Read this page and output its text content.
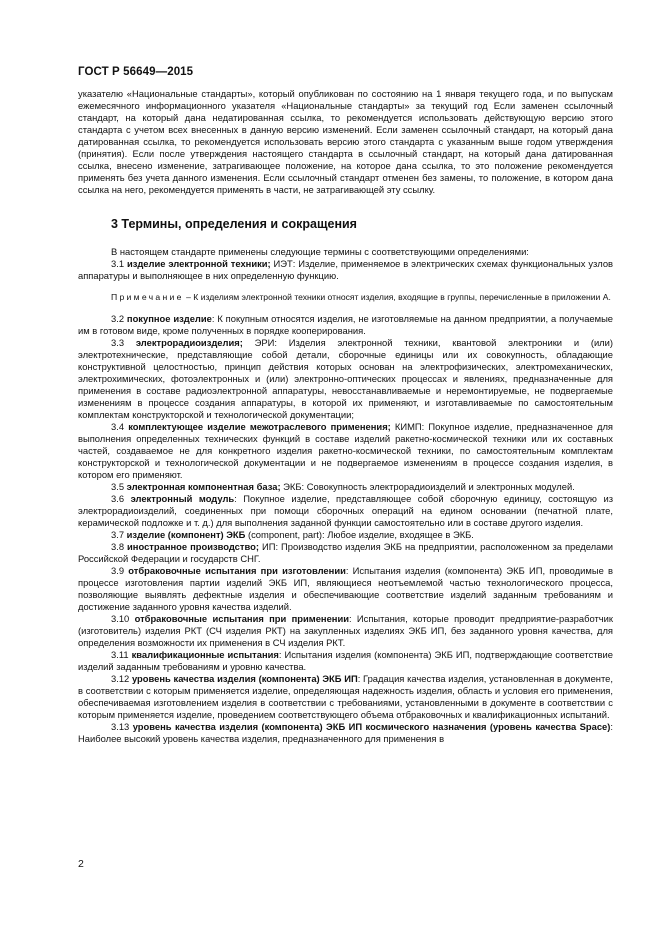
ГОСТ Р 56649—2015

указателю «Национальные стандарты», который опубликован по состоянию на 1 января текущего года, и по выпускам ежемесячного информационного указателя «Национальные стандарты» за текущий год Если заменен ссылочный стандарт, на который дана недатированная ссылка, то рекомендуется использовать действующую версию этого стандарта с учетом всех внесенных в данную версию изменений. Если заменен ссылочный стандарт, на который дана датированная ссылка, то рекомендуется использовать версию этого стандарта с указанным выше годом утверждения (принятия). Если после утверждения настоящего стандарта в ссылочный стандарт, на который дана датированная ссылка, внесено изменение, затрагивающее положение, на которое дана ссылка, то это положение рекомендуется применять без учета данного изменения. Если ссылочный стандарт отменен без замены, то положение, в котором дана ссылка на него, рекомендуется применять в части, не затрагивающей эту ссылку.

3 Термины, определения и сокращения

В настоящем стандарте применены следующие термины с соответствующими определениями:

3.1 изделие электронной техники; ИЭТ: Изделие, применяемое в электрических схемах функциональных узлов аппаратуры и выполняющее в них определенную функцию.

Примечание – К изделиям электронной техники относят изделия, входящие в группы, перечисленные в приложении А.

3.2 покупное изделие: К покупным относятся изделия, не изготовляемые на данном предприятии, а получаемые им в готовом виде, кроме полученных в порядке кооперирования.

3.3 электрорадиоизделия; ЭРИ: Изделия электронной техники, квантовой электроники и (или) электротехнические, представляющие собой детали, сборочные единицы или их совокупность, обладающие конструктивной целостностью, принцип действия которых основан на электрофизических, электромеханических, электрохимических, фотоэлектронных и (или) электронно-оптических процессах и явлениях, предназначенные для применения в составе радиоэлектронной аппаратуры, невосстанавливаемые и неремонтируемые, не подвергаемые изменениям в процессе создания аппаратуры, в которой их применяют, и изготавливаемые по самостоятельным комплектам конструкторской и технологической документации;

3.4 комплектующее изделие межотраслевого применения; КИМП: Покупное изделие, предназначенное для выполнения определенных технических функций в составе изделий ракетно-космической техники или их составных частей, создаваемое не для конкретного изделия ракетно-космической техники, по самостоятельным комплектам конструкторской и технологической документации и не подвергаемое изменениям в процессе создания изделия, в котором его применяют.

3.5 электронная компонентная база; ЭКБ: Совокупность электрорадиоизделий и электронных модулей.

3.6 электронный модуль: Покупное изделие, представляющее собой сборочную единицу, состоящую из электрорадиоизделий, соединенных при помощи сборочных операций на едином основании (печатной плате, керамической подложке и т. д.) для выполнения заданной функции самостоятельно или в составе другого изделия.

3.7 изделие (компонент) ЭКБ (component, part): Любое изделие, входящее в ЭКБ.

3.8 иностранное производство; ИП: Производство изделия ЭКБ на предприятии, расположенном за пределами Российской Федерации и государств СНГ.

3.9 отбраковочные испытания при изготовлении: Испытания изделия (компонента) ЭКБ ИП, проводимые в процессе изготовления партии изделий ЭКБ ИП, являющиеся неотъемлемой частью технологического процесса, позволяющие выявлять дефектные изделия и обеспечивающие соответствие изделий заданным требованиям и достижение заданного уровня качества изделий.

3.10 отбраковочные испытания при применении: Испытания, которые проводит предприятие-разработчик (изготовитель) изделия РКТ (СЧ изделия РКТ) на закупленных изделиях ЭКБ ИП, без заданного уровня качества, для определения возможности их применения в СЧ изделия РКТ.

3.11 квалификационные испытания: Испытания изделия (компонента) ЭКБ ИП, подтверждающие соответствие изделий заданным требованиям и уровню качества.

3.12 уровень качества изделия (компонента) ЭКБ ИП: Градация качества изделия, установленная в документе, в соответствии с которым применяется изделие, определяющая надежность изделия, область и условия его применения, обеспечиваемая изготовлением изделия в соответствии с требованиями, установленными в документе в соответствии с которым применяется изделие, проведением соответствующего объема отбраковочных и квалификационных испытаний.

3.13 уровень качества изделия (компонента) ЭКБ ИП космического назначения (уровень качества Space): Наиболее высокий уровень качества изделия, предназначенного для применения в

2
